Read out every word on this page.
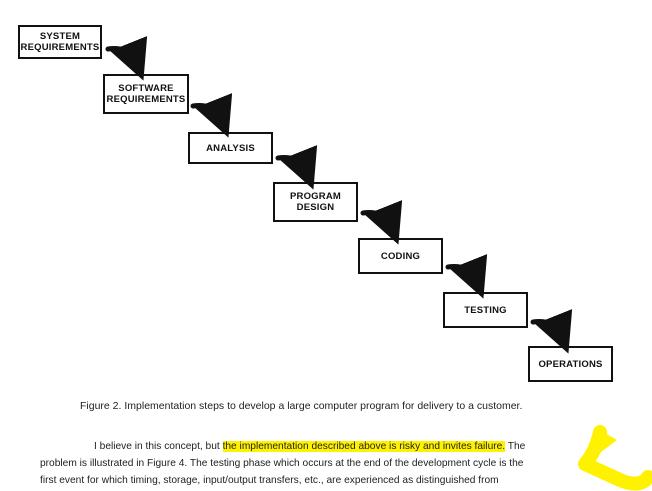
SYSTEM
REQUIREMENTS
SOFTWARE
REQUIREMENTS
ANALYSIS
PROGRAM
DESIGN
CODING
TESTING
OPERATIONS
Figure 2. Implementation steps to develop a large computer program for delivery to a customer.
I believe in this concept, but the implementation described above is risky and invites failure. The
problem is illustrated in Figure 4. The testing phase which occurs at the end of the development cycle is the
first event for which timing, storage, input/output transfers, etc., are experienced as distinguished from
